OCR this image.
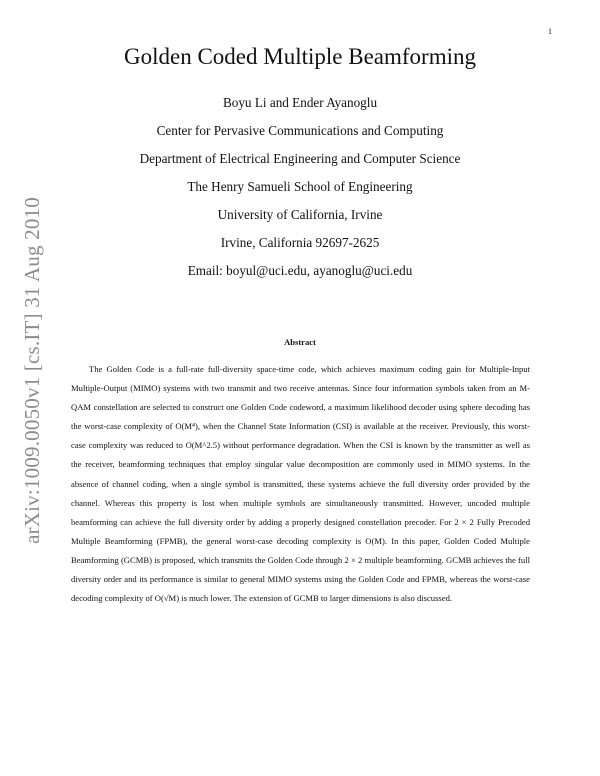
1
arXiv:1009.0050v1 [cs.IT] 31 Aug 2010
Golden Coded Multiple Beamforming
Boyu Li and Ender Ayanoglu
Center for Pervasive Communications and Computing
Department of Electrical Engineering and Computer Science
The Henry Samueli School of Engineering
University of California, Irvine
Irvine, California 92697-2625
Email: boyul@uci.edu, ayanoglu@uci.edu
Abstract

The Golden Code is a full-rate full-diversity space-time code, which achieves maximum coding gain for Multiple-Input Multiple-Output (MIMO) systems with two transmit and two receive antennas. Since four information symbols taken from an M-QAM constellation are selected to construct one Golden Code codeword, a maximum likelihood decoder using sphere decoding has the worst-case complexity of O(M⁴), when the Channel State Information (CSI) is available at the receiver. Previously, this worst-case complexity was reduced to O(M^2.5) without performance degradation. When the CSI is known by the transmitter as well as the receiver, beamforming techniques that employ singular value decomposition are commonly used in MIMO systems. In the absence of channel coding, when a single symbol is transmitted, these systems achieve the full diversity order provided by the channel. Whereas this property is lost when multiple symbols are simultaneously transmitted. However, uncoded multiple beamforming can achieve the full diversity order by adding a properly designed constellation precoder. For 2 × 2 Fully Precoded Multiple Beamforming (FPMB), the general worst-case decoding complexity is O(M). In this paper, Golden Coded Multiple Beamforming (GCMB) is proposed, which transmits the Golden Code through 2 × 2 multiple beamforming. GCMB achieves the full diversity order and its performance is similar to general MIMO systems using the Golden Code and FPMB, whereas the worst-case decoding complexity of O(√M) is much lower. The extension of GCMB to larger dimensions is also discussed.
